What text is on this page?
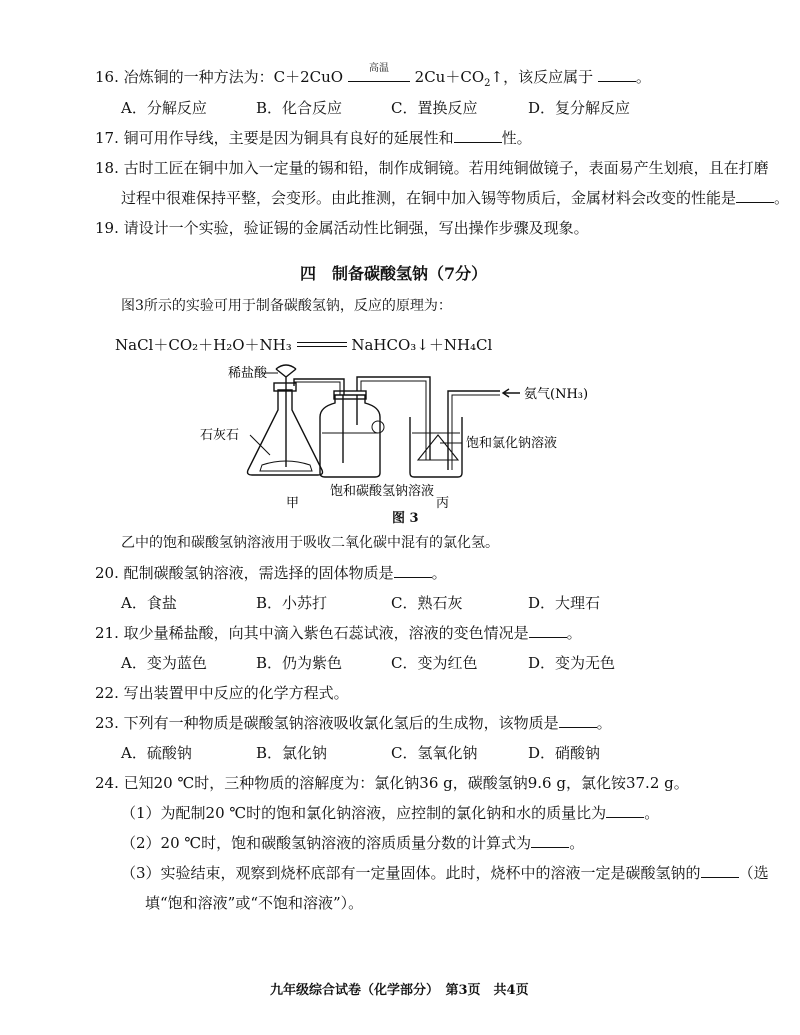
16. 冶炼铜的一种方法为：C＋2CuO	高温	$2Cu+CO_2↑$，该反应属于	。
A．分解反应	B．化合反应	C．置换反应	D．复分解反应
17. 铜可用作导线，主要是因为铜具有良好的延展性和	性。
18. 古时工匠在铜中加入一定量的锡和铅，制作成铜镜。若用纯铜做镜子，表面易产生划痕，且在打磨
过程中很难保持平整，会变形。由此推测，在铜中加入锡等物质后，金属材料会改变的性能是	。
19. 请设计一个实验，验证锡的金属活动性比铜强，写出操作步骤及现象。
四　制备碳酸氢钠（7分）
图3所示的实验可用于制备碳酸氢钠，反应的原理为：
NaCl＋CO₂＋H₂O＋NH₃	NaHCO₃↓＋NH₄Cl
稀盐酸
石灰石
饱和碳酸氢钠溶液
氨气(NH₃)
饱和氯化钠溶液
甲	丙
图 3
乙中的饱和碳酸氢钠溶液用于吸收二氧化碳中混有的氯化氢。
20. 配制碳酸氢钠溶液，需选择的固体物质是	。
A．食盐	B．小苏打	C．熟石灰	D．大理石
21. 取少量稀盐酸，向其中滴入紫色石蕊试液，溶液的变色情况是	。
A．变为蓝色	B．仍为紫色	C．变为红色	D．变为无色
22. 写出装置甲中反应的化学方程式。
23. 下列有一种物质是碳酸氢钠溶液吸收氯化氢后的生成物，该物质是	。
A．硫酸钠	B．氯化钠	C．氢氧化钠	D．硝酸钠
24. 已知20 ℃时，三种物质的溶解度为：氯化钠36 g，碳酸氢钠9.6 g，氯化铵37.2 g。
（1）为配制20 ℃时的饱和氯化钠溶液，应控制的氯化钠和水的质量比为	。
（2）20 ℃时，饱和碳酸氢钠溶液的溶质质量分数的计算式为	。
（3）实验结束，观察到烧杯底部有一定量固体。此时，烧杯中的溶液一定是碳酸氢钠的	（选
填“饱和溶液”或“不饱和溶液”）。
九年级综合试卷（化学部分）　第3页　共4页
